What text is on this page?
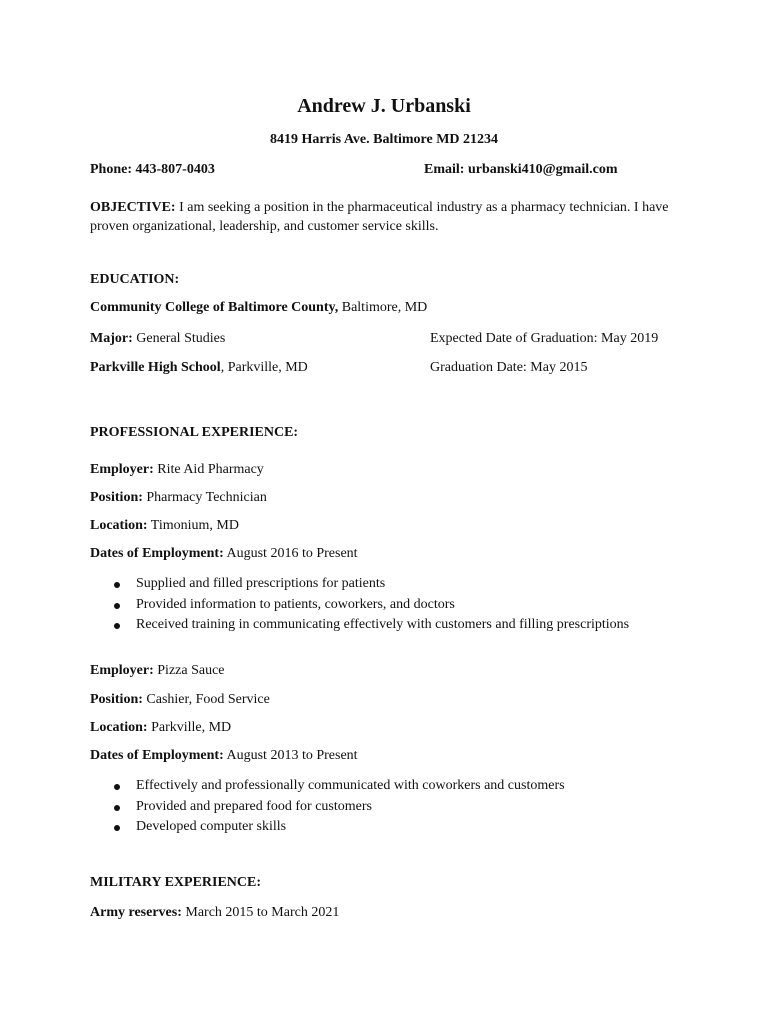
Andrew J. Urbanski
8419 Harris Ave. Baltimore MD 21234
Phone: 443-807-0403	Email: urbanski410@gmail.com
OBJECTIVE: I am seeking a position in the pharmaceutical industry as a pharmacy technician. I have proven organizational, leadership, and customer service skills.
EDUCATION:
Community College of Baltimore County, Baltimore, MD
Major: General Studies	Expected Date of Graduation: May 2019
Parkville High School, Parkville, MD	Graduation Date: May 2015
PROFESSIONAL EXPERIENCE:
Employer: Rite Aid Pharmacy
Position: Pharmacy Technician
Location: Timonium, MD
Dates of Employment: August 2016 to Present
Supplied and filled prescriptions for patients
Provided information to patients, coworkers, and doctors
Received training in communicating effectively with customers and filling prescriptions
Employer: Pizza Sauce
Position: Cashier, Food Service
Location: Parkville, MD
Dates of Employment: August 2013 to Present
Effectively and professionally communicated with coworkers and customers
Provided and prepared food for customers
Developed computer skills
MILITARY EXPERIENCE:
Army reserves: March 2015 to March 2021
